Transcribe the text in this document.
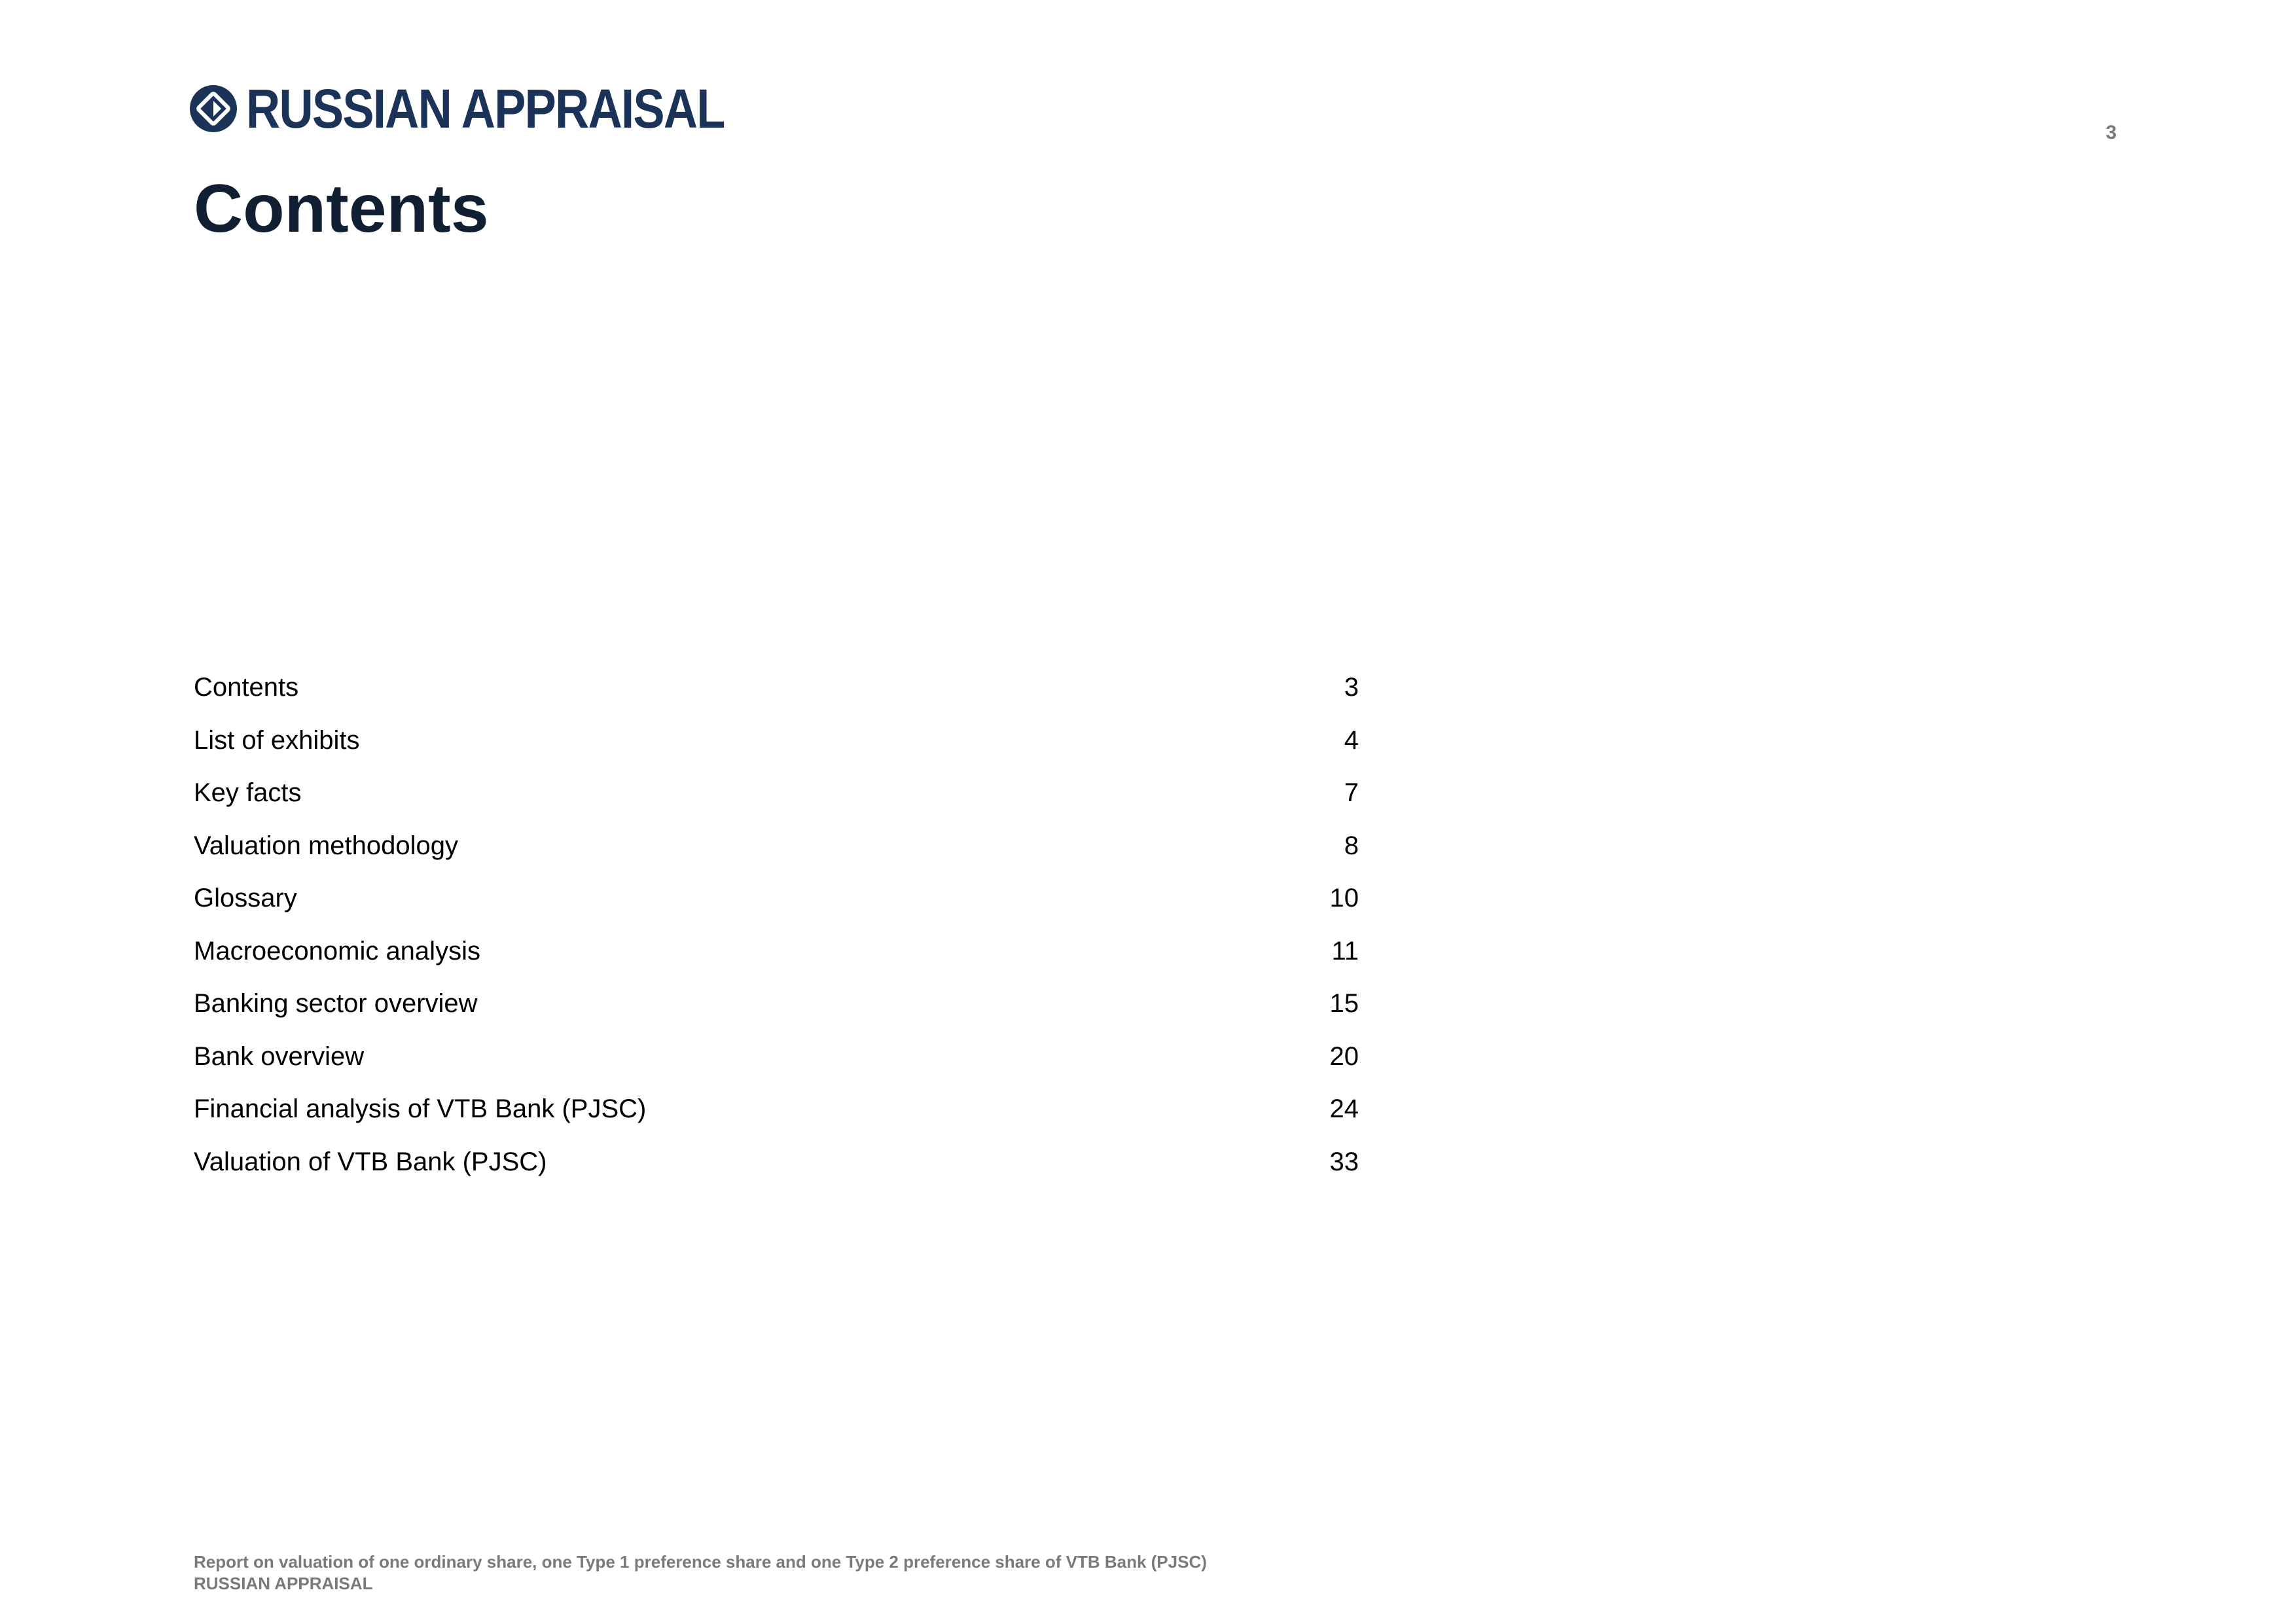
RUSSIAN APPRAISAL	3
Contents
Contents	3
List of exhibits	4
Key facts	7
Valuation methodology	8
Glossary	10
Macroeconomic analysis	11
Banking sector overview	15
Bank overview	20
Financial analysis of VTB Bank (PJSC)	24
Valuation of VTB Bank (PJSC)	33
Report on valuation of one ordinary share, one Type 1 preference share and one Type 2 preference share of VTB Bank (PJSC)
RUSSIAN APPRAISAL
